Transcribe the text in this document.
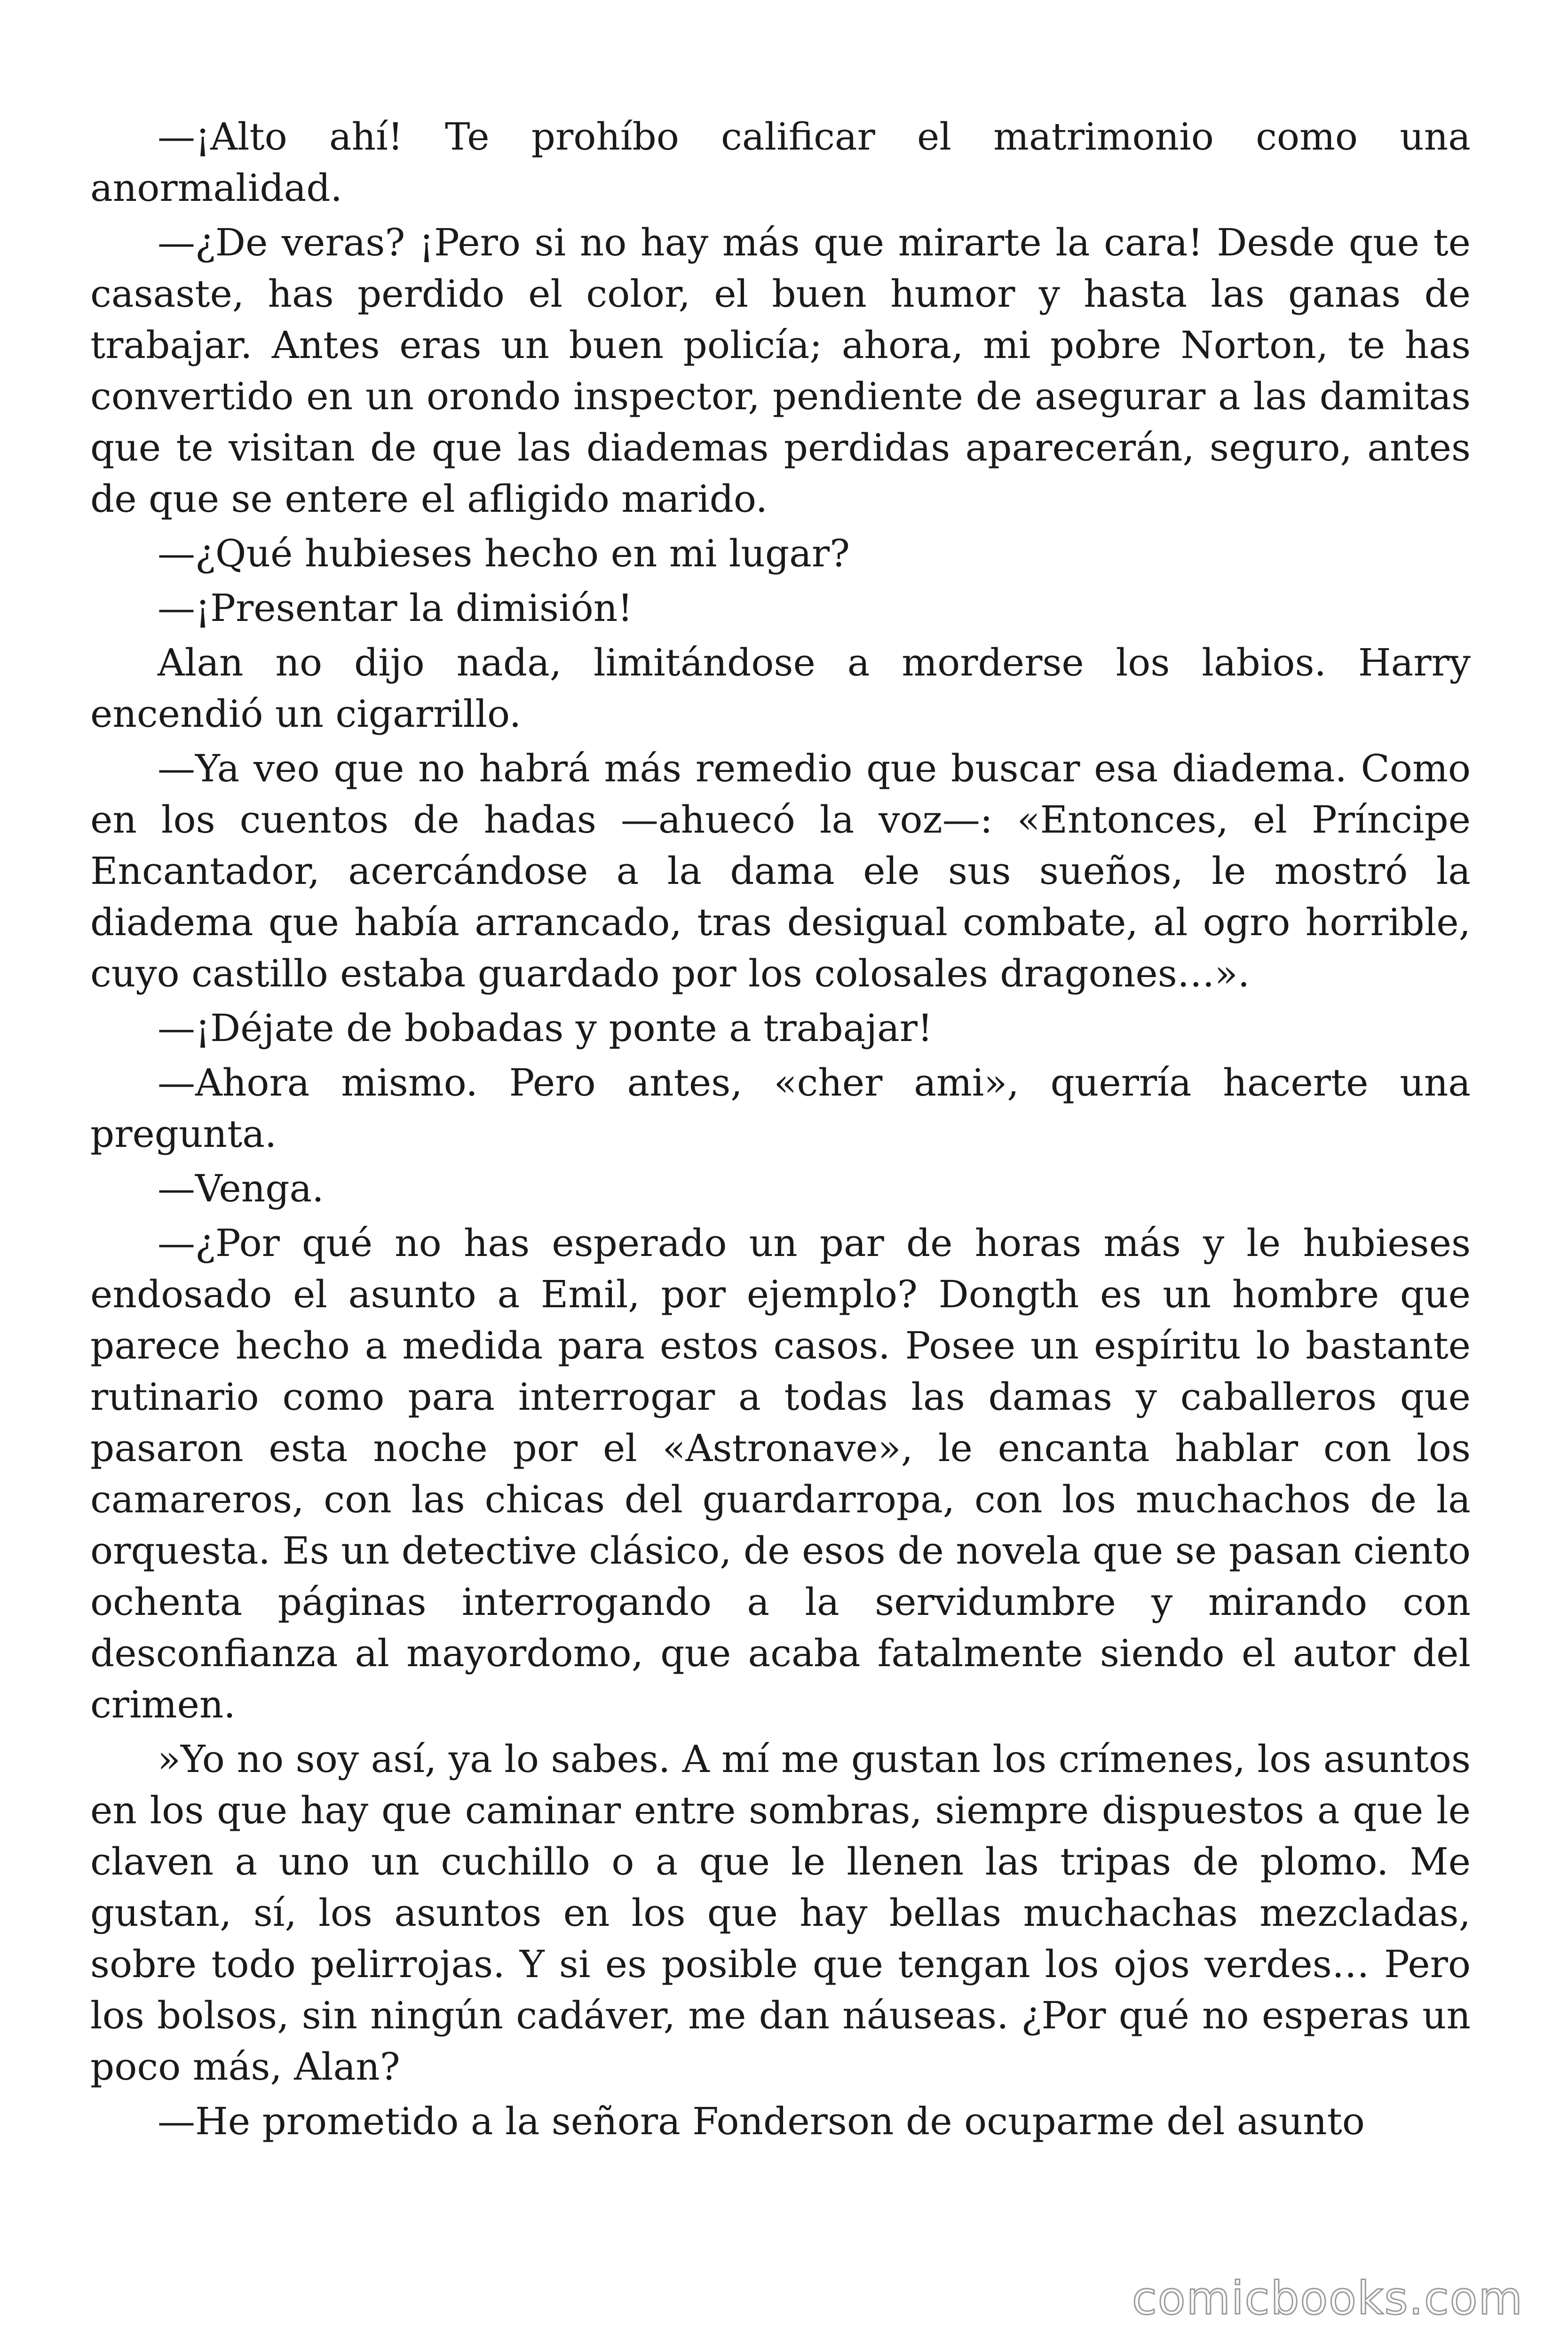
—¡Alto ahí! Te prohíbo calificar el matrimonio como una anormalidad.

—¿De veras? ¡Pero si no hay más que mirarte la cara! Desde que te casaste, has perdido el color, el buen humor y hasta las ganas de trabajar. Antes eras un buen policía; ahora, mi pobre Norton, te has convertido en un orondo inspector, pendiente de asegurar a las damitas que te visitan de que las diademas perdidas aparecerán, seguro, antes de que se entere el afligido marido.

—¿Qué hubieses hecho en mi lugar?

—¡Presentar la dimisión!

Alan no dijo nada, limitándose a morderse los labios. Harry encendió un cigarrillo.

—Ya veo que no habrá más remedio que buscar esa diadema. Como en los cuentos de hadas —ahuecó la voz—: «Entonces, el Príncipe Encantador, acercándose a la dama ele sus sueños, le mostró la diadema que había arrancado, tras desigual combate, al ogro horrible, cuyo castillo estaba guardado por los colosales dragones…».

—¡Déjate de bobadas y ponte a trabajar!

—Ahora mismo. Pero antes, «cher ami», querría hacerte una pregunta.

—Venga.

—¿Por qué no has esperado un par de horas más y le hubieses endosado el asunto a Emil, por ejemplo? Dongth es un hombre que parece hecho a medida para estos casos. Posee un espíritu lo bastante rutinario como para interrogar a todas las damas y caballeros que pasaron esta noche por el «Astronave», le encanta hablar con los camareros, con las chicas del guardarropa, con los muchachos de la orquesta. Es un detective clásico, de esos de novela que se pasan ciento ochenta páginas interrogando a la servidumbre y mirando con desconfianza al mayordomo, que acaba fatalmente siendo el autor del crimen.

»Yo no soy así, ya lo sabes. A mí me gustan los crímenes, los asuntos en los que hay que caminar entre sombras, siempre dispuestos a que le claven a uno un cuchillo o a que le llenen las tripas de plomo. Me gustan, sí, los asuntos en los que hay bellas muchachas mezcladas, sobre todo pelirrojas. Y si es posible que tengan los ojos verdes… Pero los bolsos, sin ningún cadáver, me dan náuseas. ¿Por qué no esperas un poco más, Alan?

—He prometido a la señora Fonderson de ocuparme del asunto

comicbooks.com
